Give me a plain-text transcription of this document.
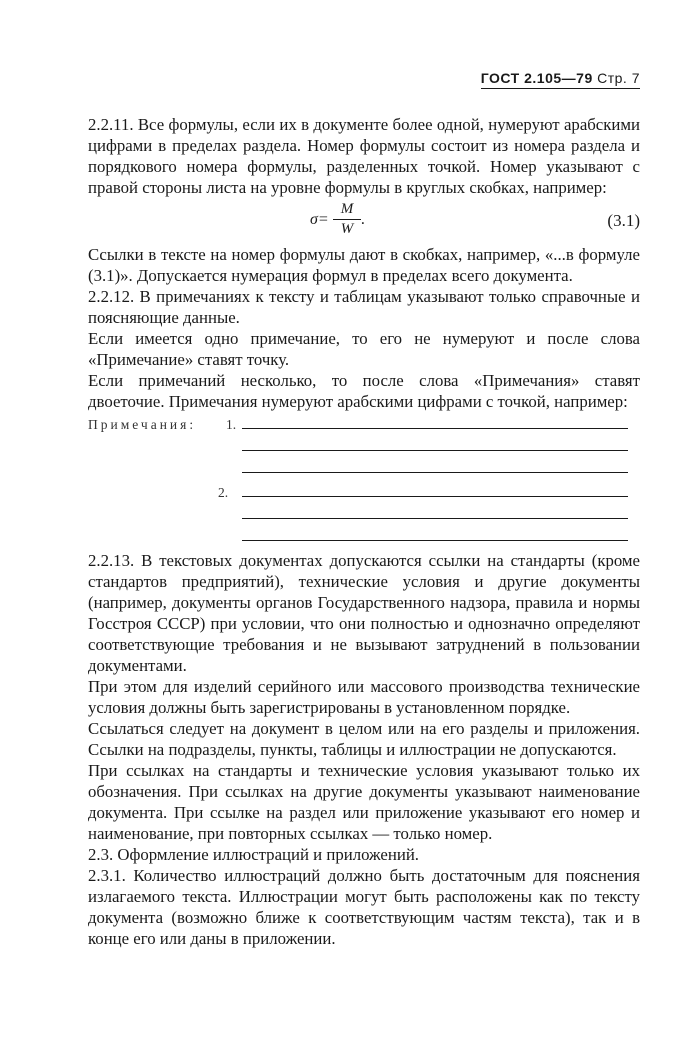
ГОСТ 2.105—79 Стр. 7

2.2.11. Все формулы, если их в документе более одной, нумеруют арабскими цифрами в пределах раздела. Номер формулы состоит из номера раздела и порядкового номера формулы, разделенных точкой. Номер указывают с правой стороны листа на уровне формулы в круглых скобках, например:

$\sigma= \frac{M}{W}$ .	(3.1)

Ссылки в тексте на номер формулы дают в скобках, например, «...в формуле (3.1)». Допускается нумерация формул в пределах всего документа.

2.2.12. В примечаниях к тексту и таблицам указывают только справочные и поясняющие данные.

Если имеется одно примечание, то его не нумеруют и после слова «Примечание» ставят точку.

Если примечаний несколько, то после слова «Примечания» ставят двоеточие. Примечания нумеруют арабскими цифрами с точкой, например:

Примечания: 1.
2.

2.2.13. В текстовых документах допускаются ссылки на стандарты (кроме стандартов предприятий), технические условия и другие документы (например, документы органов Государственного надзора, правила и нормы Госстроя СССР) при условии, что они полностью и однозначно определяют соответствующие требования и не вызывают затруднений в пользовании документами.

При этом для изделий серийного или массового производства технические условия должны быть зарегистрированы в установленном порядке.

Ссылаться следует на документ в целом или на его разделы и приложения. Ссылки на подразделы, пункты, таблицы и иллюстрации не допускаются.

При ссылках на стандарты и технические условия указывают только их обозначения. При ссылках на другие документы указывают наименование документа. При ссылке на раздел или приложение указывают его номер и наименование, при повторных ссылках — только номер.

2.3. Оформление иллюстраций и приложений.

2.3.1. Количество иллюстраций должно быть достаточным для пояснения излагаемого текста. Иллюстрации могут быть расположены как по тексту документа (возможно ближе к соответствующим частям текста), так и в конце его или даны в приложении.
